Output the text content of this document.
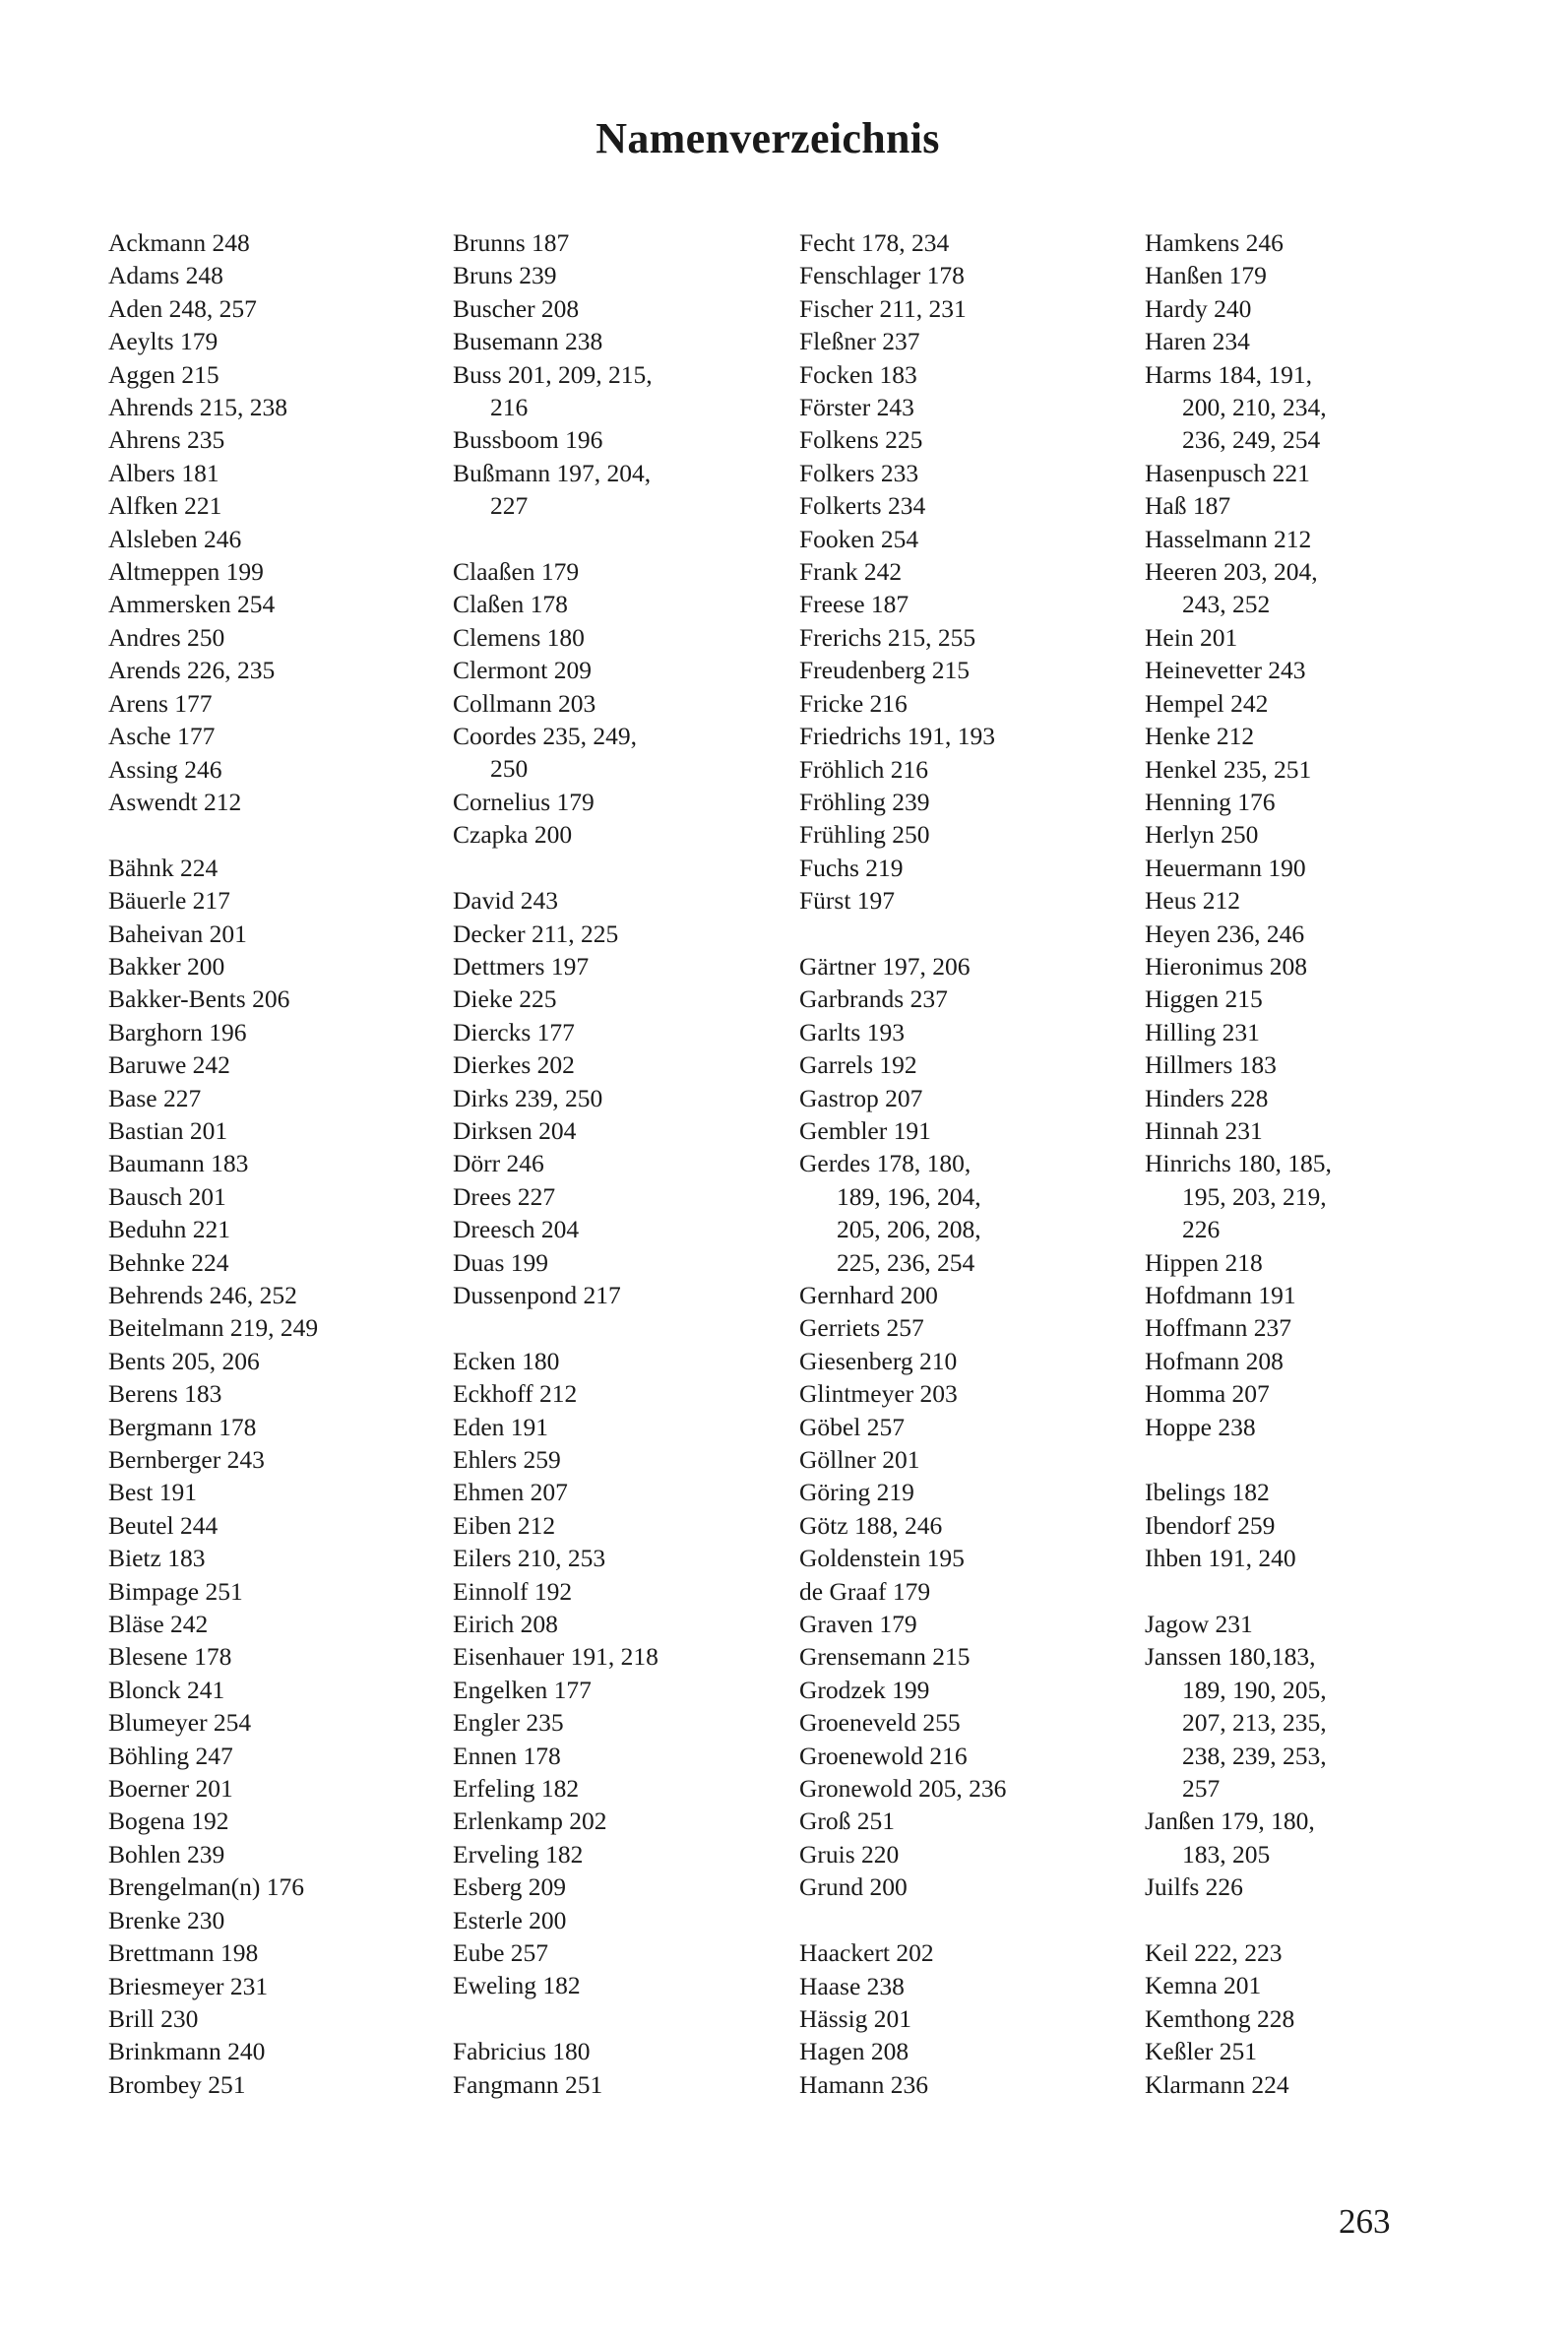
Namenverzeichnis
Ackmann 248
Adams 248
Aden 248, 257
Aeylts 179
Aggen 215
Ahrends 215, 238
Ahrens 235
Albers 181
Alfken 221
Alsleben 246
Altmeppen 199
Ammersken 254
Andres 250
Arends 226, 235
Arens 177
Asche 177
Assing 246
Aswendt 212
Bähnk 224
Bäuerle 217
Baheivan 201
Bakker 200
Bakker-Bents 206
Barghorn 196
Baruwe 242
Base 227
Bastian 201
Baumann 183
Bausch 201
Beduhn 221
Behnke 224
Behrends 246, 252
Beitelmann 219, 249
Bents 205, 206
Berens 183
Bergmann 178
Bernberger 243
Best 191
Beutel 244
Bietz 183
Bimpage 251
Bläse 242
Blesene 178
Blonck 241
Blumeyer 254
Böhling 247
Boerner 201
Bogena 192
Bohlen 239
Brengelman(n) 176
Brenke 230
Brettmann 198
Briesmeyer 231
Brill 230
Brinkmann 240
Brombey 251
Brunns 187
Bruns 239
Buscher 208
Busemann 238
Buss 201, 209, 215,
216
Bussboom 196
Bußmann 197, 204,
227
Claaßen 179
Claßen 178
Clemens 180
Clermont 209
Collmann 203
Coordes 235, 249,
250
Cornelius 179
Czapka 200
David 243
Decker 211, 225
Dettmers 197
Dieke 225
Diercks 177
Dierkes 202
Dirks 239, 250
Dirksen 204
Dörr 246
Drees 227
Dreesch 204
Duas 199
Dussenpond 217
Ecken 180
Eckhoff 212
Eden 191
Ehlers 259
Ehmen 207
Eiben 212
Eilers 210, 253
Einnolf 192
Eirich 208
Eisenhauer 191, 218
Engelken 177
Engler 235
Ennen 178
Erfeling 182
Erlenkamp 202
Erveling 182
Esberg 209
Esterle 200
Eube 257
Eweling 182
Fabricius 180
Fangmann 251
Fecht 178, 234
Fenschlager 178
Fischer 211, 231
Fleßner 237
Focken 183
Förster 243
Folkens 225
Folkers 233
Folkerts 234
Fooken 254
Frank 242
Freese 187
Frerichs 215, 255
Freudenberg 215
Fricke 216
Friedrichs 191, 193
Fröhlich 216
Fröhling 239
Frühling 250
Fuchs 219
Fürst 197
Gärtner 197, 206
Garbrands 237
Garlts 193
Garrels 192
Gastrop 207
Gembler 191
Gerdes 178, 180,
189, 196, 204,
205, 206, 208,
225, 236, 254
Gernhard 200
Gerriets 257
Giesenberg 210
Glintmeyer 203
Göbel 257
Göllner 201
Göring 219
Götz 188, 246
Goldenstein 195
de Graaf 179
Graven 179
Grensemann 215
Grodzek 199
Groeneveld 255
Groenewold 216
Gronewold 205, 236
Groß 251
Gruis 220
Grund 200
Haackert 202
Haase 238
Hässig 201
Hagen 208
Hamann 236
Hamkens 246
Hanßen 179
Hardy 240
Haren 234
Harms 184, 191,
200, 210, 234,
236, 249, 254
Hasenpusch 221
Haß 187
Hasselmann 212
Heeren 203, 204,
243, 252
Hein 201
Heinevetter 243
Hempel 242
Henke 212
Henkel 235, 251
Henning 176
Herlyn 250
Heuermann 190
Heus 212
Heyen 236, 246
Hieronimus 208
Higgen 215
Hilling 231
Hillmers 183
Hinders 228
Hinnah 231
Hinrichs 180, 185,
195, 203, 219,
226
Hippen 218
Hofdmann 191
Hoffmann 237
Hofmann 208
Homma 207
Hoppe 238
Ibelings 182
Ibendorf 259
Ihben 191, 240
Jagow 231
Janssen 180,183,
189, 190, 205,
207, 213, 235,
238, 239, 253,
257
Janßen 179, 180,
183, 205
Juilfs 226
Keil 222, 223
Kemna 201
Kemthong 228
Keßler 251
Klarmann 224
263
